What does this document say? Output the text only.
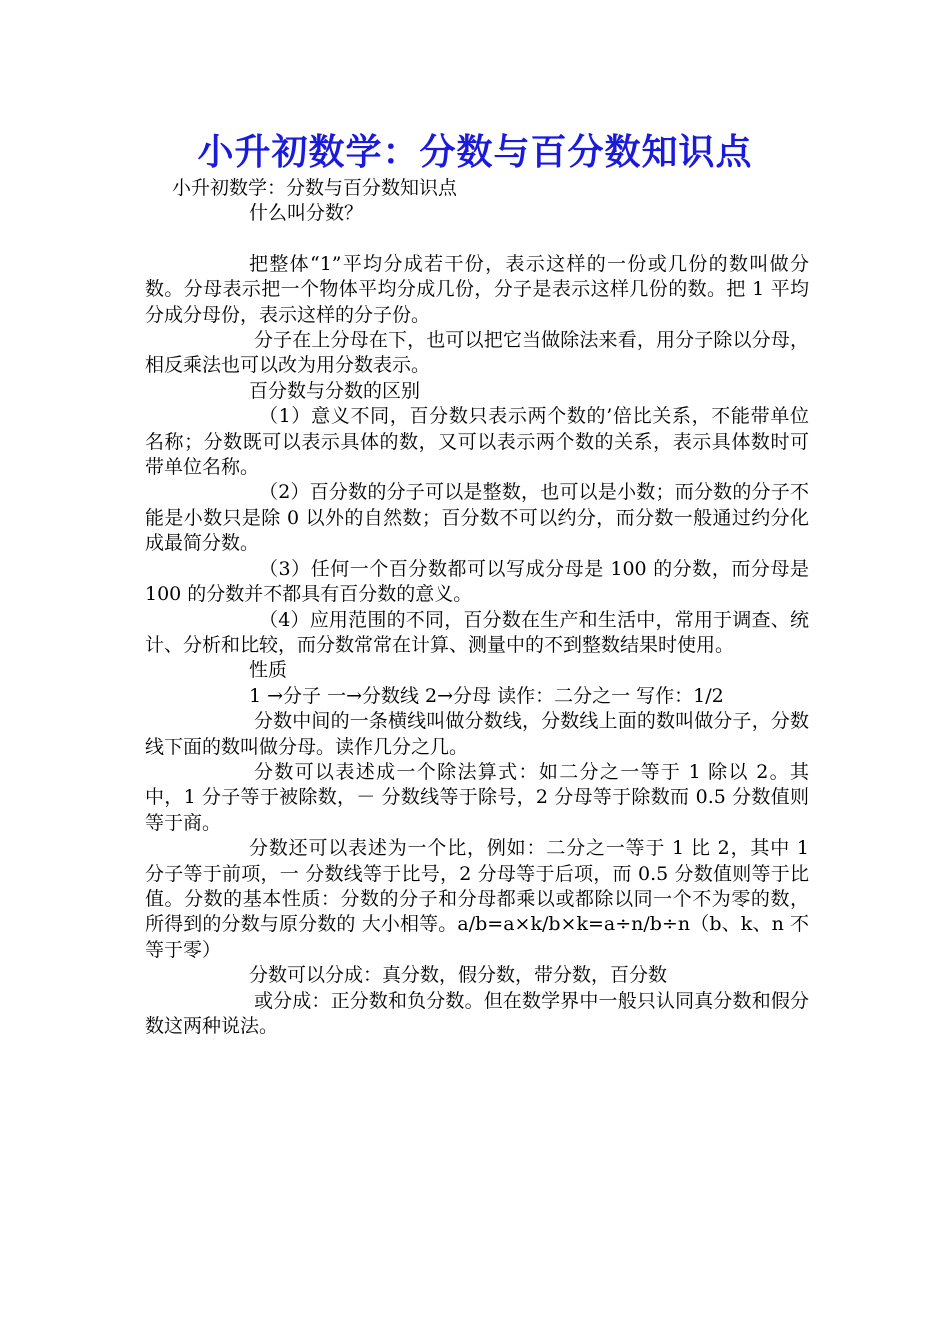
小升初数学：分数与百分数知识点

小升初数学：分数与百分数知识点

什么叫分数？

把整体“1”平均分成若干份，表示这样的一份或几份的数叫做分数。分母表示把一个物体平均分成几份，分子是表示这样几份的数。把 1 平均分成分母份，表示这样的分子份。

分子在上分母在下，也可以把它当做除法来看，用分子除以分母，相反乘法也可以改为用分数表示。

百分数与分数的区别

（1）意义不同，百分数只表示两个数的’倍比关系，不能带单位名称；分数既可以表示具体的数，又可以表示两个数的关系，表示具体数时可带单位名称。

（2）百分数的分子可以是整数，也可以是小数；而分数的分子不能是小数只是除 0 以外的自然数；百分数不可以约分，而分数一般通过约分化成最简分数。

（3）任何一个百分数都可以写成分母是 100 的分数，而分母是 100 的分数并不都具有百分数的意义。

（4）应用范围的不同，百分数在生产和生活中，常用于调查、统计、分析和比较，而分数常常在计算、测量中的不到整数结果时使用。

性质

1 →分子 一→分数线 2→分母 读作：二分之一 写作：1/2

分数中间的一条横线叫做分数线，分数线上面的数叫做分子，分数线下面的数叫做分母。读作几分之几。

分数可以表述成一个除法算式：如二分之一等于 1 除以 2。其中，1 分子等于被除数，－ 分数线等于除号，2 分母等于除数而 0.5 分数值则等于商。

分数还可以表述为一个比，例如：二分之一等于 1 比 2，其中 1 分子等于前项，一 分数线等于比号，2 分母等于后项，而 0.5 分数值则等于比值。分数的基本性质：分数的分子和分母都乘以或都除以同一个不为零的数，所得到的分数与原分数的 大小相等。a/b=a×k/b×k=a÷n/b÷n（b、k、n 不等于零）

分数可以分成：真分数，假分数，带分数，百分数

或分成：正分数和负分数。但在数学界中一般只认同真分数和假分数这两种说法。
